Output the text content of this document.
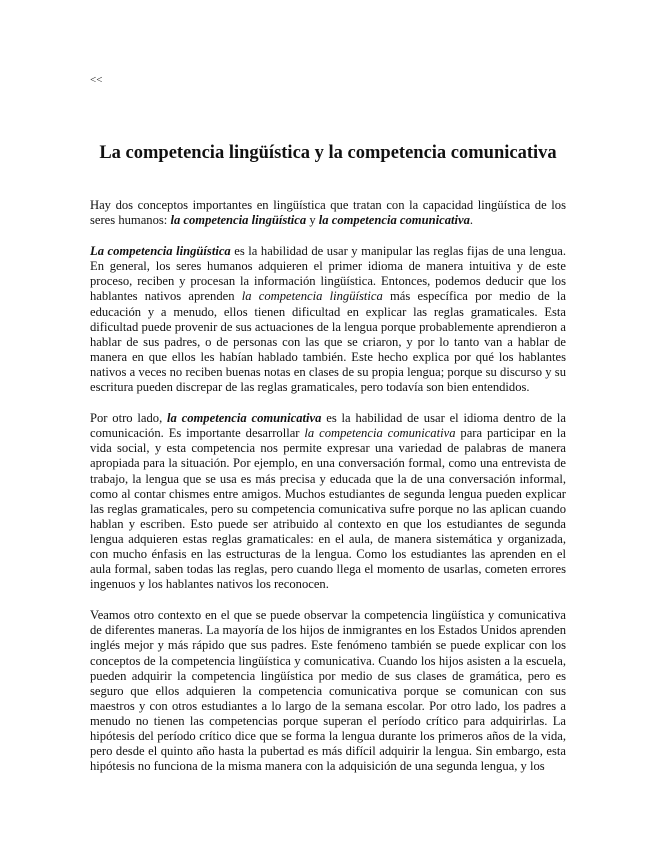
<<
La competencia lingüística y la competencia comunicativa

Hay dos conceptos importantes en lingüística que tratan con la capacidad lingüística de los seres humanos: la competencia lingüística y la competencia comunicativa.

La competencia lingüística es la habilidad de usar y manipular las reglas fijas de una lengua. En general, los seres humanos adquieren el primer idioma de manera intuitiva y de este proceso, reciben y procesan la información lingüística. Entonces, podemos deducir que los hablantes nativos aprenden la competencia lingüística más específica por medio de la educación y a menudo, ellos tienen dificultad en explicar las reglas gramaticales. Esta dificultad puede provenir de sus actuaciones de la lengua porque probablemente aprendieron a hablar de sus padres, o de personas con las que se criaron, y por lo tanto van a hablar de manera en que ellos les habían hablado también. Este hecho explica por qué los hablantes nativos a veces no reciben buenas notas en clases de su propia lengua; porque su discurso y su escritura pueden discrepar de las reglas gramaticales, pero todavía son bien entendidos.

Por otro lado, la competencia comunicativa es la habilidad de usar el idioma dentro de la comunicación. Es importante desarrollar la competencia comunicativa para participar en la vida social, y esta competencia nos permite expresar una variedad de palabras de manera apropiada para la situación. Por ejemplo, en una conversación formal, como una entrevista de trabajo, la lengua que se usa es más precisa y educada que la de una conversación informal, como al contar chismes entre amigos. Muchos estudiantes de segunda lengua pueden explicar las reglas gramaticales, pero su competencia comunicativa sufre porque no las aplican cuando hablan y escriben. Esto puede ser atribuido al contexto en que los estudiantes de segunda lengua adquieren estas reglas gramaticales: en el aula, de manera sistemática y organizada, con mucho énfasis en las estructuras de la lengua. Como los estudiantes las aprenden en el aula formal, saben todas las reglas, pero cuando llega el momento de usarlas, cometen errores ingenuos y los hablantes nativos los reconocen.

Veamos otro contexto en el que se puede observar la competencia lingüística y comunicativa de diferentes maneras. La mayoría de los hijos de inmigrantes en los Estados Unidos aprenden inglés mejor y más rápido que sus padres. Este fenómeno también se puede explicar con los conceptos de la competencia lingüística y comunicativa. Cuando los hijos asisten a la escuela, pueden adquirir la competencia lingüística por medio de sus clases de gramática, pero es seguro que ellos adquieren la competencia comunicativa porque se comunican con sus maestros y con otros estudiantes a lo largo de la semana escolar. Por otro lado, los padres a menudo no tienen las competencias porque superan el período crítico para adquirirlas. La hipótesis del período crítico dice que se forma la lengua durante los primeros años de la vida, pero desde el quinto año hasta la pubertad es más difícil adquirir la lengua. Sin embargo, esta hipótesis no funciona de la misma manera con la adquisición de una segunda lengua, y los
